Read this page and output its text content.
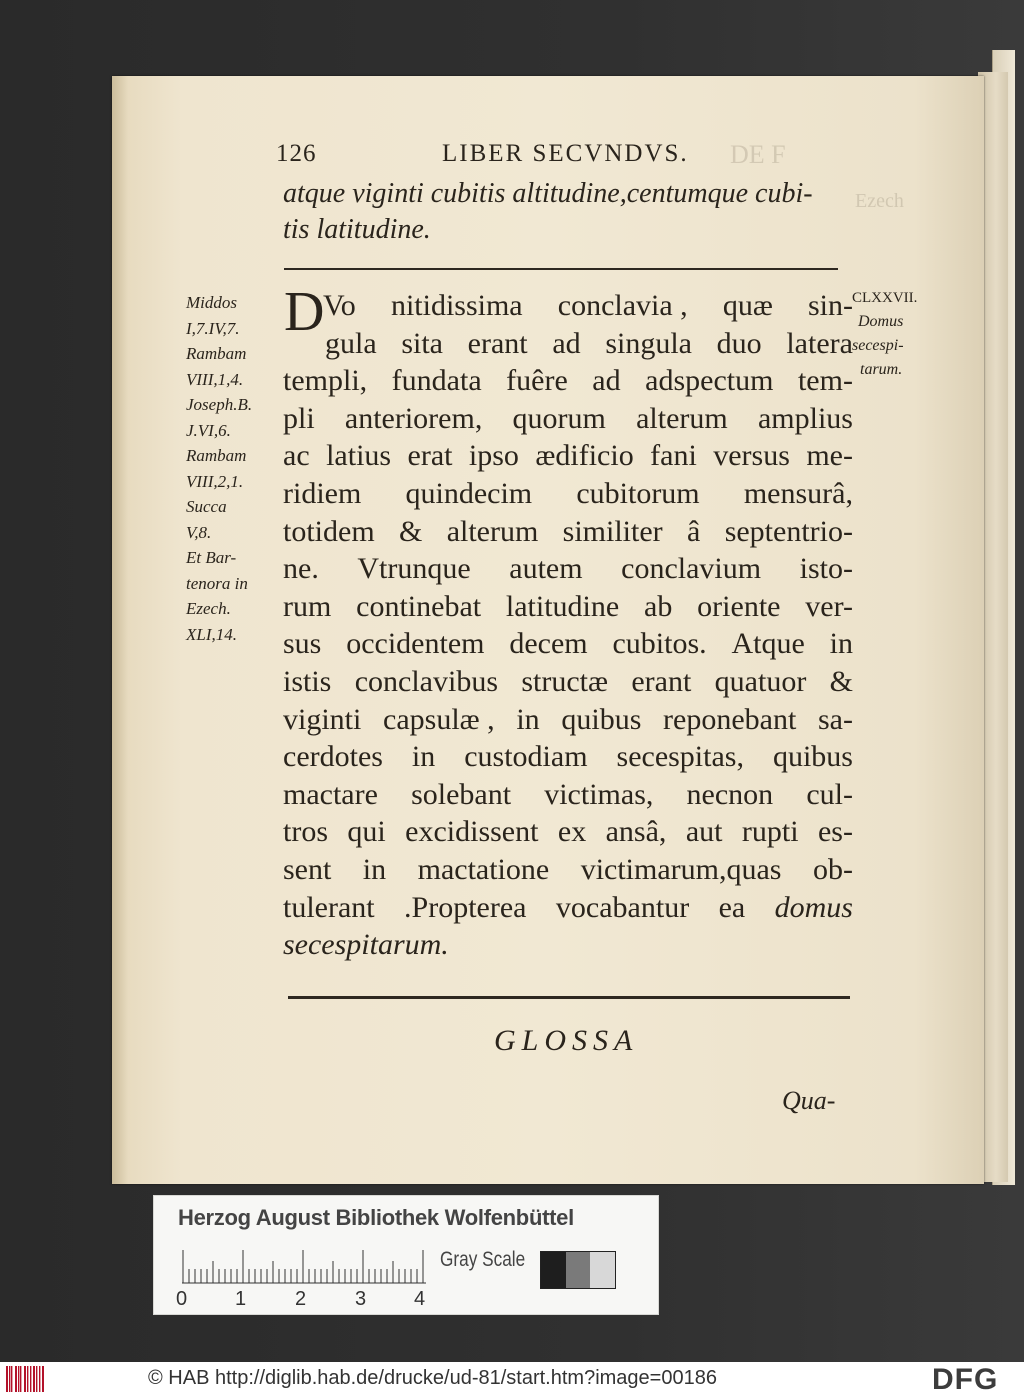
DE F
Ezech
126	LIBER SECVNDVS.
atque viginti cubitis altitudine,centumque cubi-
tis latitudine.
Middos
I,7.IV,7.
Rambam
VIII,1,4.
Joseph.B.
J.VI,6.
Rambam
VIII,2,1.
Succa
V,8.
Et Bar-
tenora in
Ezech.
XLI,14.
CLXXVII.
Domus
secespi-
tarum.
D
Vo nitidissima conclavia , quæ sin-
gula sita erant ad singula duo latera
templi, fundata fuêre ad adspectum tem-
pli anteriorem, quorum alterum amplius
ac latius erat ipso ædificio fani versus me-
ridiem quindecim cubitorum mensurâ,
totidem & alterum similiter â septentrio-
ne. Vtrunque autem conclavium isto-
rum continebat latitudine ab oriente ver-
sus occidentem decem cubitos. Atque in
istis conclavibus structæ erant quatuor &
viginti capsulæ , in quibus reponebant sa-
cerdotes in custodiam secespitas, quibus
mactare solebant victimas, necnon cul-
tros qui excidissent ex ansâ, aut rupti es-
sent in mactatione victimarum,quas ob-
tulerant .Propterea vocabantur ea domus
secespitarum.
GLOSSA
Qua-
Herzog August Bibliothek Wolfenbüttel
0 1 2 3 4
Gray Scale
© HAB http://diglib.hab.de/drucke/ud-81/start.htm?image=00186	DFG
